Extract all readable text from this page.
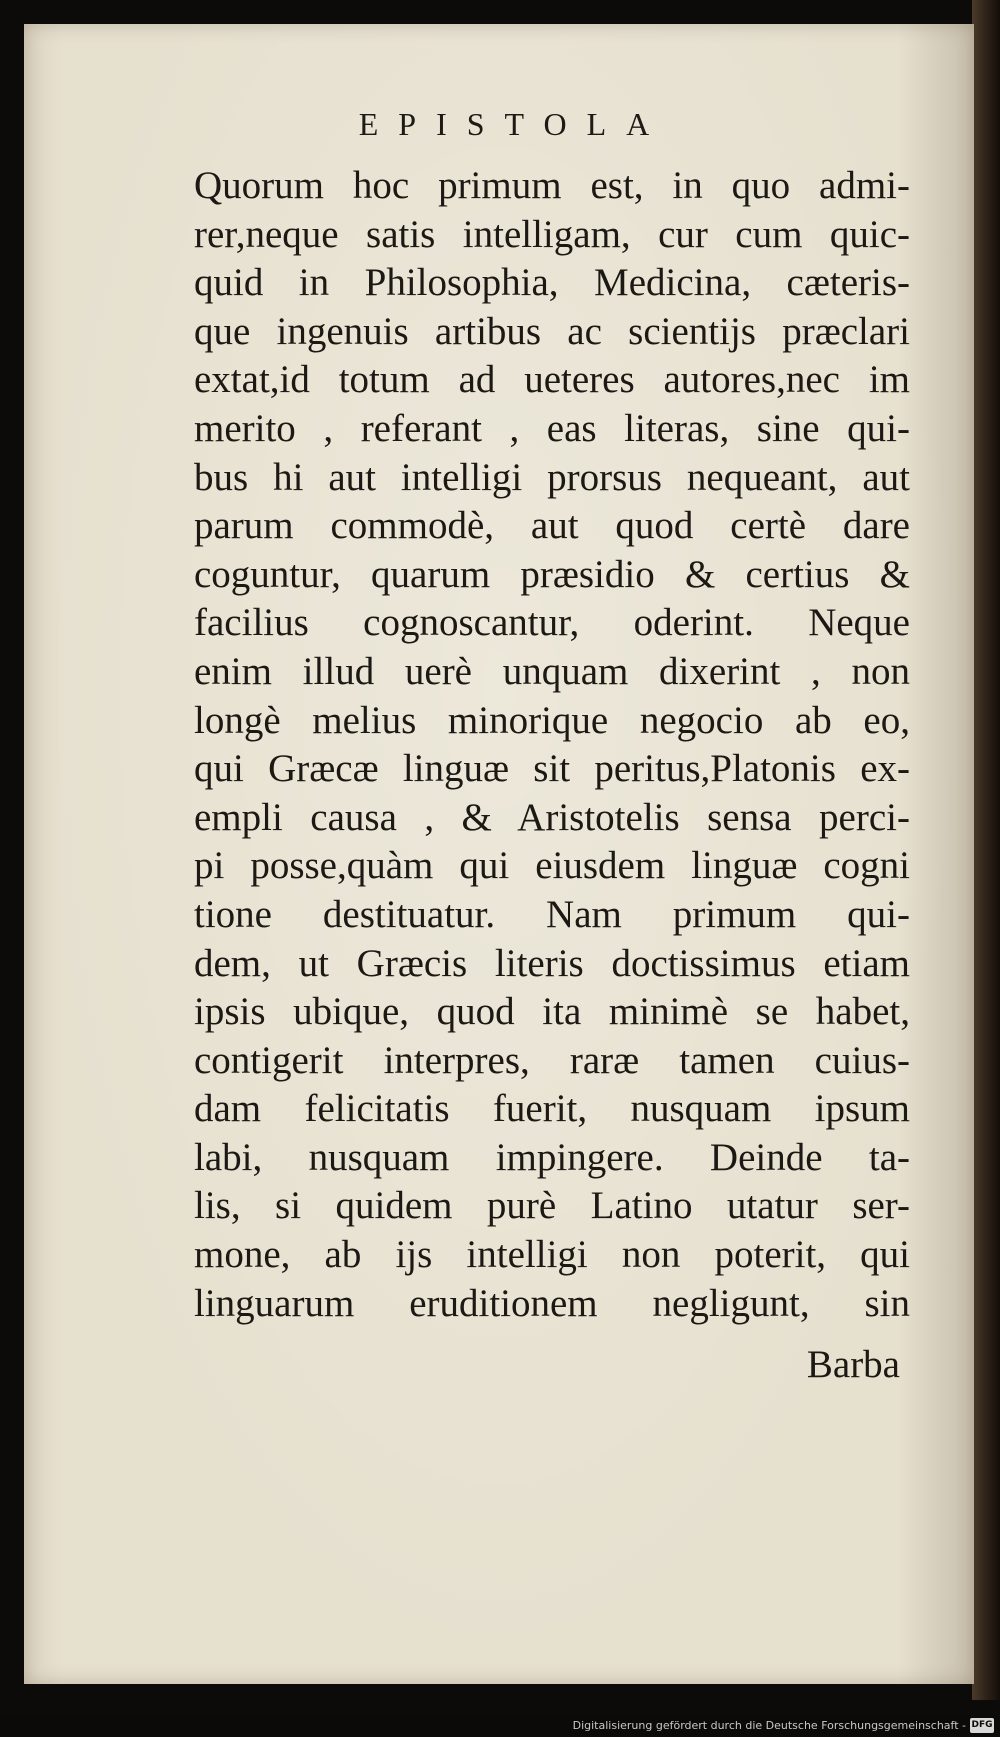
EPISTOLA
Quorum hoc primum est, in quo admi-
rer,neque satis intelligam, cur cum quic-
quid in Philosophia, Medicina, cæteris-
que ingenuis artibus ac scientijs præclari
extat,id totum ad ueteres autores,nec im
merito , referant , eas literas, sine qui-
bus hi aut intelligi prorsus nequeant, aut
parum commodè, aut quod certè dare
coguntur, quarum præsidio & certius &
facilius cognoscantur, oderint. Neque
enim illud uerè unquam dixerint , non
longè melius minorique negocio ab eo,
qui Græcæ linguæ sit peritus,Platonis ex-
empli causa , & Aristotelis sensa perci-
pi posse,quàm qui eiusdem linguæ cogni
tione destituatur. Nam primum qui-
dem, ut Græcis literis doctissimus etiam
ipsis ubique, quod ita minimè se habet,
contigerit interpres, raræ tamen cuius-
dam felicitatis fuerit, nusquam ipsum
labi, nusquam impingere. Deinde ta-
lis, si quidem purè Latino utatur ser-
mone, ab ijs intelligi non poterit, qui
linguarum eruditionem negligunt, sin
Barba
Digitalisierung gefördert durch die Deutsche Forschungsgemeinschaft - DFG
